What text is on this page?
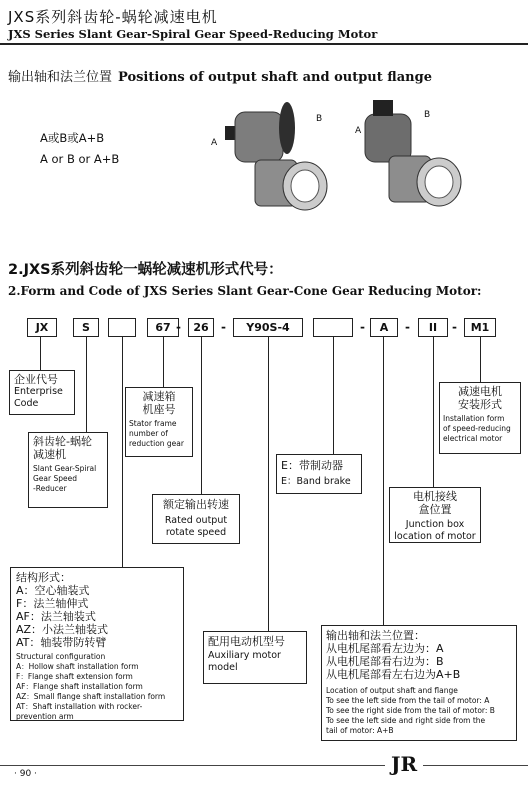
JXS系列斜齿轮-蜗轮减速电机
JXS Series Slant Gear-Spiral Gear Speed-Reducing Motor
输出轴和法兰位置 Positions of output shaft and output flange
A或B或A+B
A or B or A+B
A
B
A
B
2.JXS系列斜齿轮一蜗轮减速机形式代号：
2.Form and Code of JXS Series Slant Gear-Cone Gear Reducing Motor:
JX	S	67 -	26	-	Y90S-4	-	A	-	II	-	M1
企业代号
Enterprise
Code
斜齿轮-蜗轮
减速机
Slant Gear-Spiral
Gear Speed
-Reducer
减速箱
机座号
Stator frame
number of
reduction gear
额定输出转速
Rated output
rotate speed
E：带制动器
E：Band brake
电机接线
盒位置
Junction box
location of motor
减速电机
安装形式
Installation form
of speed-reducing
electrical motor
结构形式：
A：空心轴装式
F：法兰轴伸式
AF：法兰轴装式
AZ：小法兰轴装式
AT：轴装带防转臂
Structural configuration
A：Hollow shaft installation form
F：Flange shaft extension form
AF：Flange shaft installation form
AZ：Small flange shaft installation form
AT：Shaft installation with rocker-prevention arm
配用电动机型号
Auxiliary motor
model
输出轴和法兰位置：
从电机尾部看左边为：A
从电机尾部看右边为：B
从电机尾部看左右边为A+B
Location of output shaft and flange
To see the left side from the tail of motor: A
To see the right side from the tail of motor: B
To see the left side and right side from the
tail of motor: A+B
· 90 ·	JR
